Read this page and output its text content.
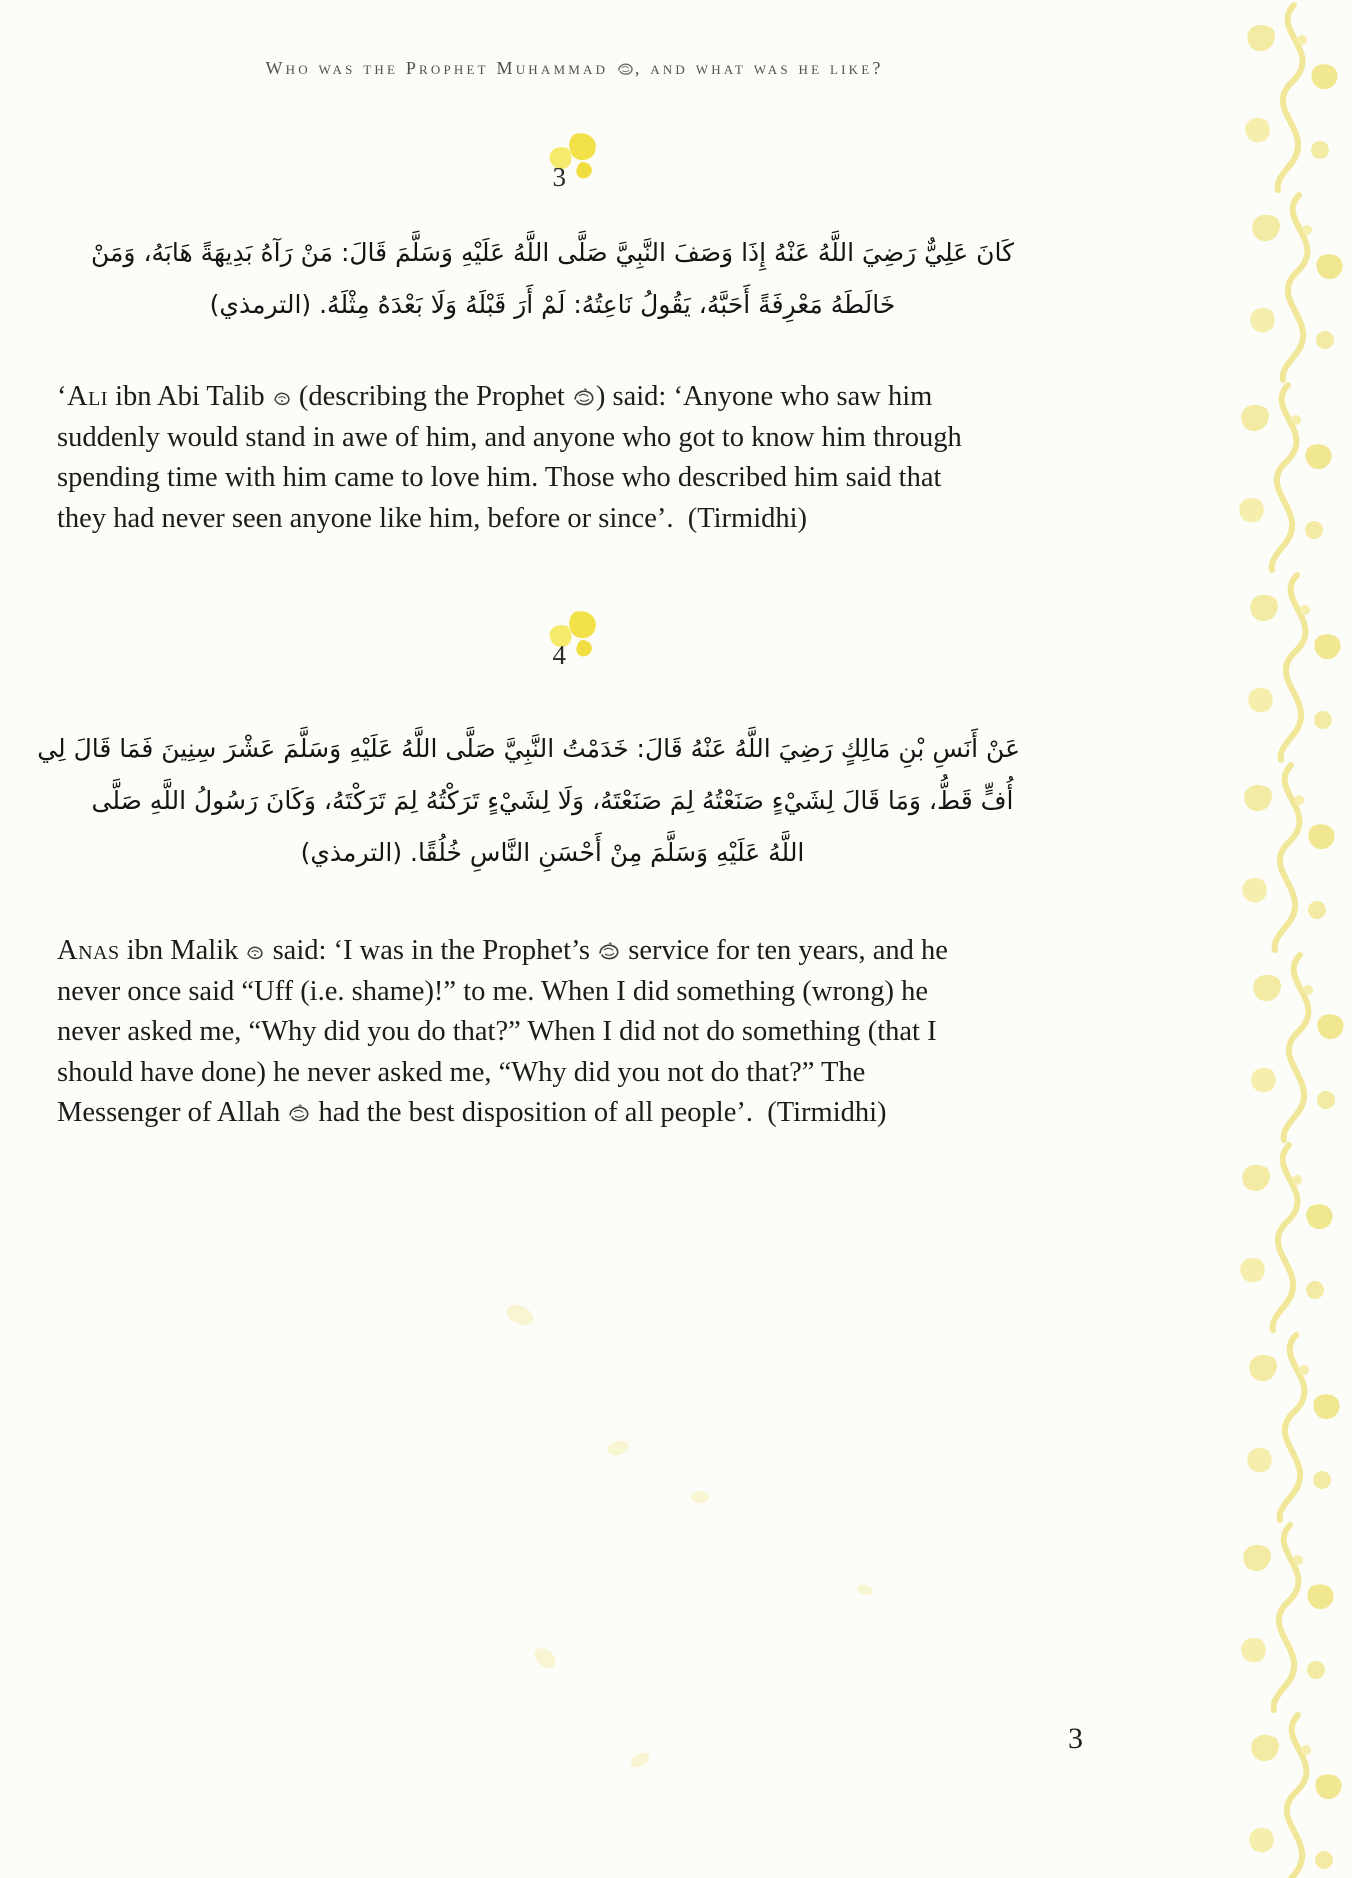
Who was the Prophet Muhammad , and what was he like?
3
كَانَ عَلِيٌّ رَضِيَ اللَّهُ عَنْهُ إِذَا وَصَفَ النَّبِيَّ صَلَّى اللَّهُ عَلَيْهِ وَسَلَّمَ قَالَ: مَنْ رَآهُ بَدِيهَةً هَابَهُ، وَمَنْ
خَالَطَهُ مَعْرِفَةً أَحَبَّهُ، يَقُولُ نَاعِتُهُ: لَمْ أَرَ قَبْلَهُ وَلَا بَعْدَهُ مِثْلَهُ. (الترمذي)

‘Ali ibn Abi Talib  (describing the Prophet ) said: ‘Anyone who saw him suddenly would stand in awe of him, and anyone who got to know him through spending time with him came to love him. Those who described him said that they had never seen anyone like him, before or since’. (Tirmidhi)

4
عَنْ أَنَسِ بْنِ مَالِكٍ رَضِيَ اللَّهُ عَنْهُ قَالَ: خَدَمْتُ النَّبِيَّ صَلَّى اللَّهُ عَلَيْهِ وَسَلَّمَ عَشْرَ سِنِينَ فَمَا قَالَ لِي
أُفٍّ قَطُّ، وَمَا قَالَ لِشَيْءٍ صَنَعْتُهُ لِمَ صَنَعْتَهُ، وَلَا لِشَيْءٍ تَرَكْتُهُ لِمَ تَرَكْتَهُ، وَكَانَ رَسُولُ اللَّهِ صَلَّى
اللَّهُ عَلَيْهِ وَسَلَّمَ مِنْ أَحْسَنِ النَّاسِ خُلُقًا. (الترمذي)

Anas ibn Malik  said: ‘I was in the Prophet’s  service for ten years, and he never once said “Uff (i.e. shame)!” to me. When I did something (wrong) he never asked me, “Why did you do that?” When I did not do something (that I should have done) he never asked me, “Why did you not do that?” The Messenger of Allah  had the best disposition of all people’. (Tirmidhi)

3
